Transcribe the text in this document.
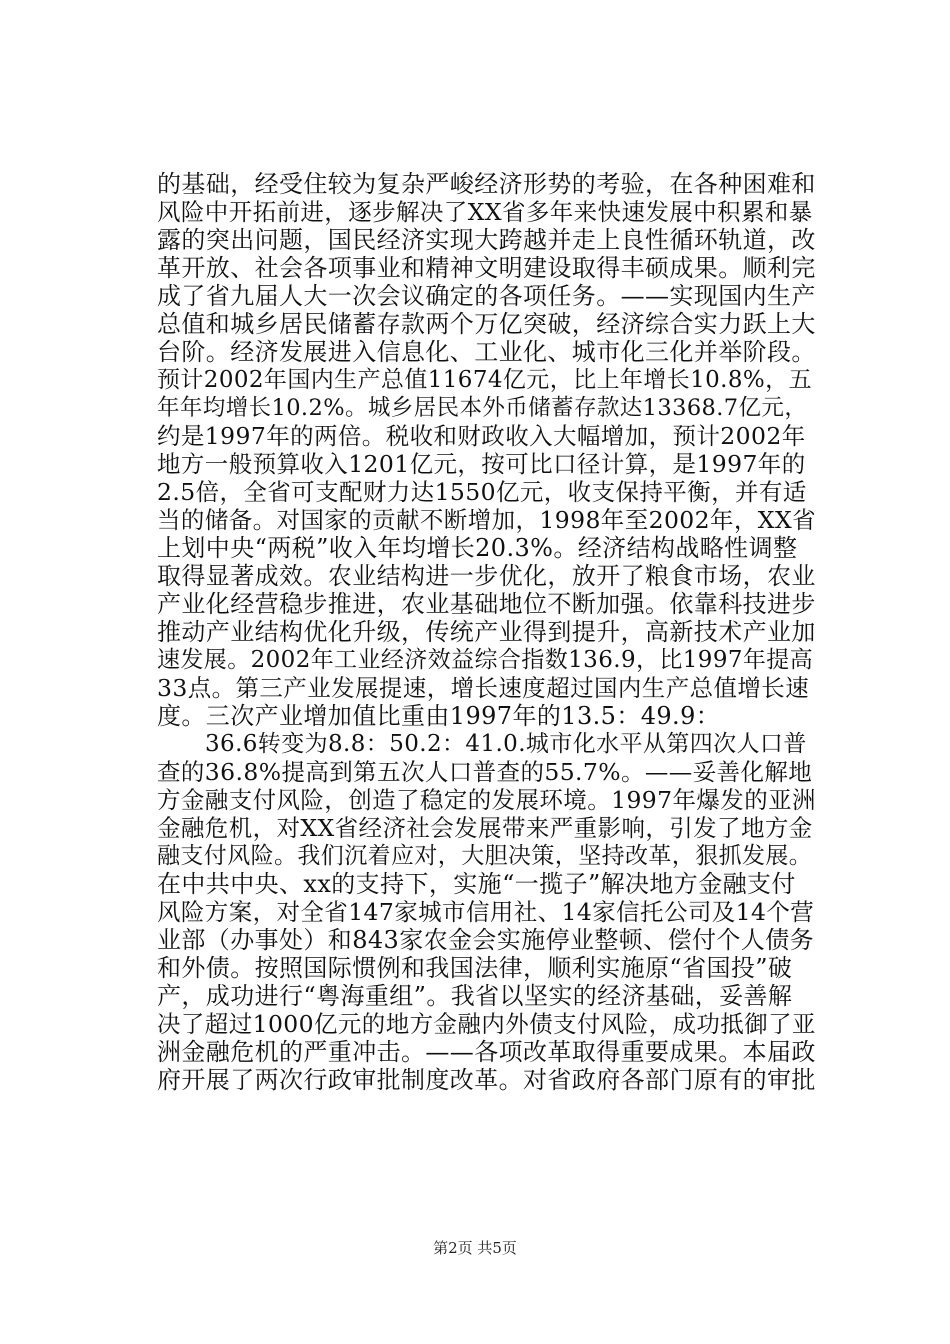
的基础，经受住较为复杂严峻经济形势的考验，在各种困难和
风险中开拓前进，逐步解决了XX省多年来快速发展中积累和暴
露的突出问题，国民经济实现大跨越并走上良性循环轨道，改
革开放、社会各项事业和精神文明建设取得丰硕成果。顺利完
成了省九届人大一次会议确定的各项任务。——实现国内生产
总值和城乡居民储蓄存款两个万亿突破，经济综合实力跃上大
台阶。经济发展进入信息化、工业化、城市化三化并举阶段。
预计2002年国内生产总值11674亿元，比上年增长10.8%，五
年年均增长10.2%。城乡居民本外币储蓄存款达13368.7亿元，
约是1997年的两倍。税收和财政收入大幅增加，预计2002年
地方一般预算收入1201亿元，按可比口径计算，是1997年的
2.5倍，全省可支配财力达1550亿元，收支保持平衡，并有适
当的储备。对国家的贡献不断增加，1998年至2002年，XX省
上划中央“两税”收入年均增长20.3%。经济结构战略性调整
取得显著成效。农业结构进一步优化，放开了粮食市场，农业
产业化经营稳步推进，农业基础地位不断加强。依靠科技进步
推动产业结构优化升级，传统产业得到提升，高新技术产业加
速发展。2002年工业经济效益综合指数136.9，比1997年提高
33点。第三产业发展提速，增长速度超过国内生产总值增长速
度。三次产业增加值比重由1997年的13.5：49.9：
36.6转变为8.8：50.2：41.0.城市化水平从第四次人口普
查的36.8%提高到第五次人口普查的55.7%。——妥善化解地
方金融支付风险，创造了稳定的发展环境。1997年爆发的亚洲
金融危机，对XX省经济社会发展带来严重影响，引发了地方金
融支付风险。我们沉着应对，大胆决策，坚持改革，狠抓发展。
在中共中央、xx的支持下，实施“一揽子”解决地方金融支付
风险方案，对全省147家城市信用社、14家信托公司及14个营
业部（办事处）和843家农金会实施停业整顿、偿付个人债务
和外债。按照国际惯例和我国法律，顺利实施原“省国投”破
产，成功进行“粤海重组”。我省以坚实的经济基础，妥善解
决了超过1000亿元的地方金融内外债支付风险，成功抵御了亚
洲金融危机的严重冲击。——各项改革取得重要成果。本届政
府开展了两次行政审批制度改革。对省政府各部门原有的审批
第2页 共5页
